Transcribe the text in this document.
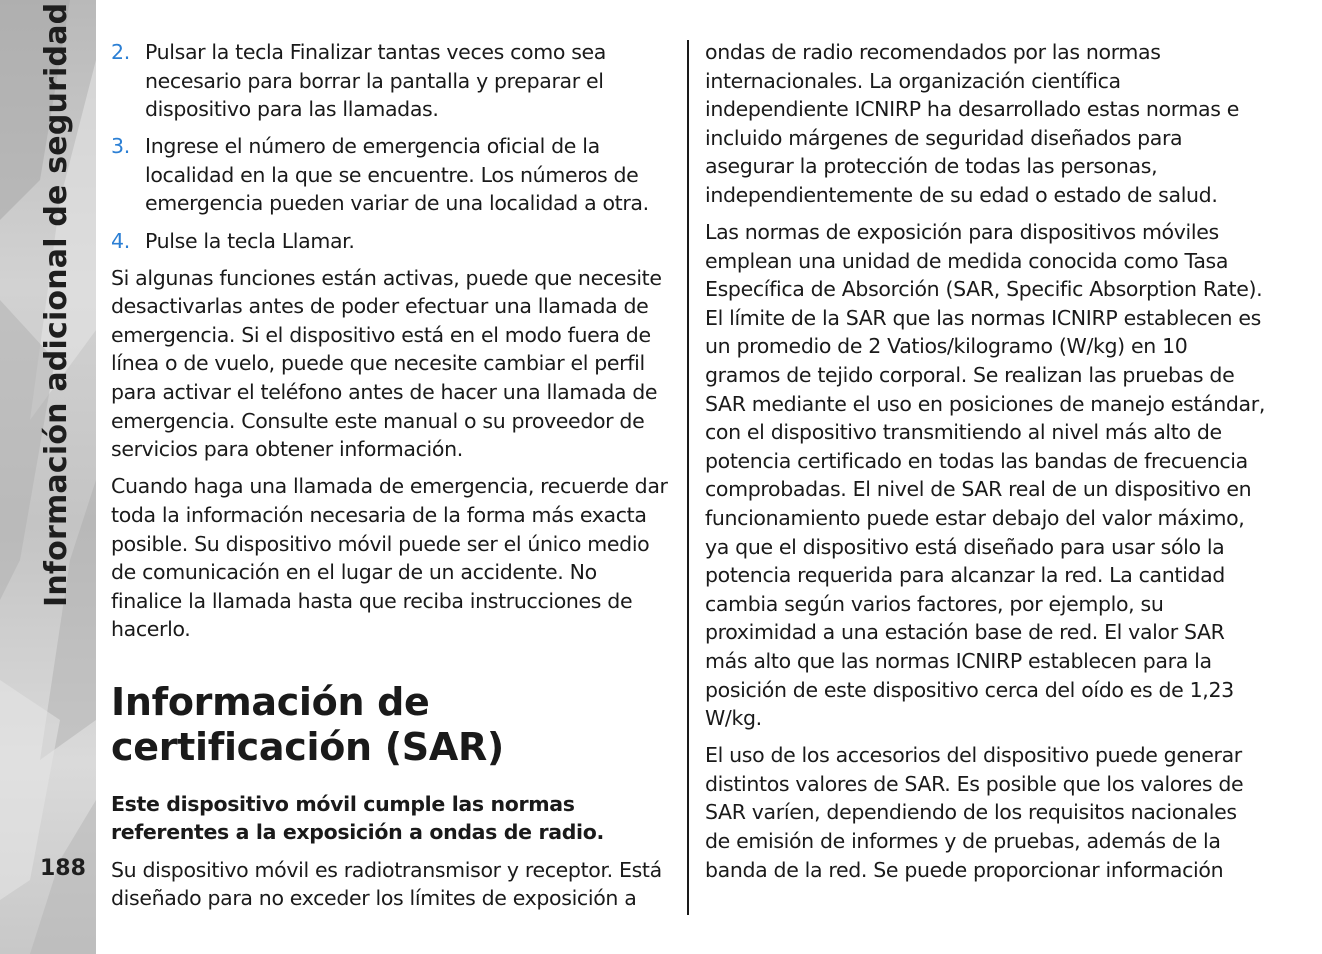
Información adicional de seguridad
188
2. Pulsar la tecla Finalizar tantas veces como sea necesario para borrar la pantalla y preparar el dispositivo para las llamadas.
3. Ingrese el número de emergencia oficial de la localidad en la que se encuentre. Los números de emergencia pueden variar de una localidad a otra.
4. Pulse la tecla Llamar.

Si algunas funciones están activas, puede que necesite desactivarlas antes de poder efectuar una llamada de emergencia. Si el dispositivo está en el modo fuera de línea o de vuelo, puede que necesite cambiar el perfil para activar el teléfono antes de hacer una llamada de emergencia. Consulte este manual o su proveedor de servicios para obtener información.

Cuando haga una llamada de emergencia, recuerde dar toda la información necesaria de la forma más exacta posible. Su dispositivo móvil puede ser el único medio de comunicación en el lugar de un accidente. No finalice la llamada hasta que reciba instrucciones de hacerlo.

Información de certificación (SAR)
Este dispositivo móvil cumple las normas referentes a la exposición a ondas de radio.

Su dispositivo móvil es radiotransmisor y receptor. Está diseñado para no exceder los límites de exposición a

ondas de radio recomendados por las normas internacionales. La organización científica independiente ICNIRP ha desarrollado estas normas e incluido márgenes de seguridad diseñados para asegurar la protección de todas las personas, independientemente de su edad o estado de salud.

Las normas de exposición para dispositivos móviles emplean una unidad de medida conocida como Tasa Específica de Absorción (SAR, Specific Absorption Rate). El límite de la SAR que las normas ICNIRP establecen es un promedio de 2 Vatios/kilogramo (W/kg) en 10 gramos de tejido corporal. Se realizan las pruebas de SAR mediante el uso en posiciones de manejo estándar, con el dispositivo transmitiendo al nivel más alto de potencia certificado en todas las bandas de frecuencia comprobadas. El nivel de SAR real de un dispositivo en funcionamiento puede estar debajo del valor máximo, ya que el dispositivo está diseñado para usar sólo la potencia requerida para alcanzar la red. La cantidad cambia según varios factores, por ejemplo, su proximidad a una estación base de red. El valor SAR más alto que las normas ICNIRP establecen para la posición de este dispositivo cerca del oído es de 1,23 W/kg.

El uso de los accesorios del dispositivo puede generar distintos valores de SAR. Es posible que los valores de SAR varíen, dependiendo de los requisitos nacionales de emisión de informes y de pruebas, además de la banda de la red. Se puede proporcionar información
